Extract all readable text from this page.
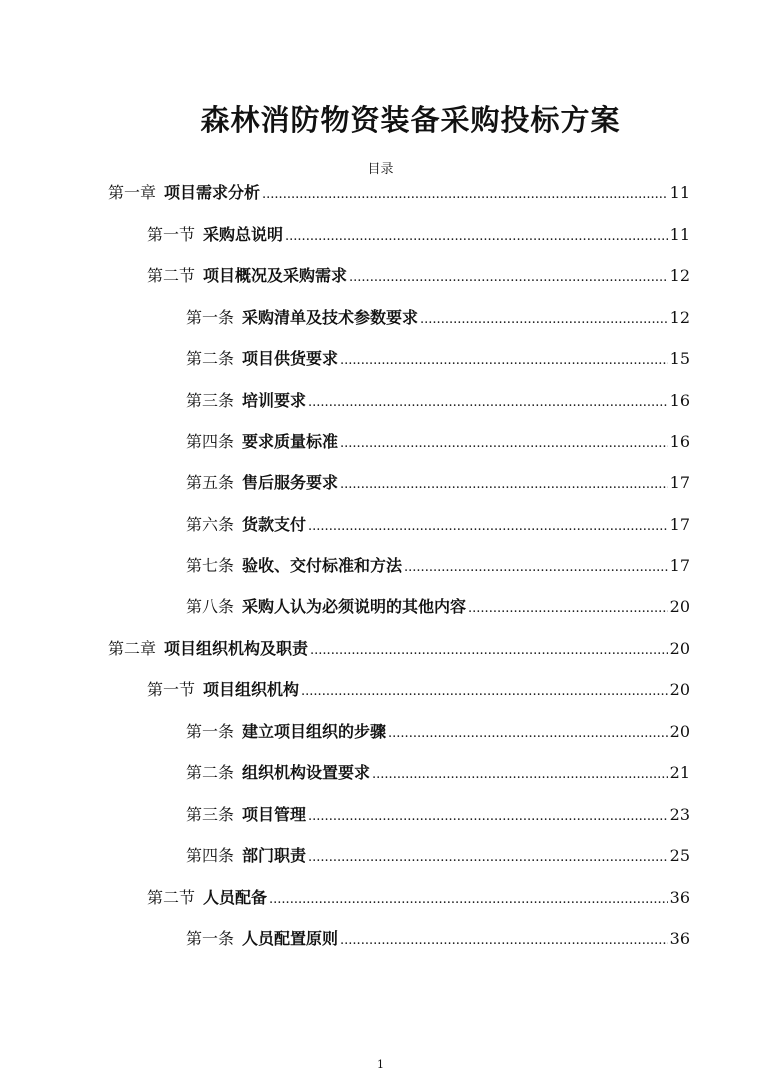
森林消防物资装备采购投标方案
目录
第一章 项目需求分析 .....	11
第一节 采购总说明 .....	11
第二节 项目概况及采购需求 .....	12
第一条 采购清单及技术参数要求 .....	12
第二条 项目供货要求 .....	15
第三条 培训要求 .....	16
第四条 要求质量标准 .....	16
第五条 售后服务要求 .....	17
第六条 货款支付 .....	17
第七条 验收、交付标准和方法 .....	17
第八条 采购人认为必须说明的其他内容 .....	20
第二章 项目组织机构及职责 .....	20
第一节 项目组织机构 .....	20
第一条 建立项目组织的步骤 .....	20
第二条 组织机构设置要求 .....	21
第三条 项目管理 .....	23
第四条 部门职责 .....	25
第二节 人员配备 .....	36
第一条 人员配置原则 .....	36
1
